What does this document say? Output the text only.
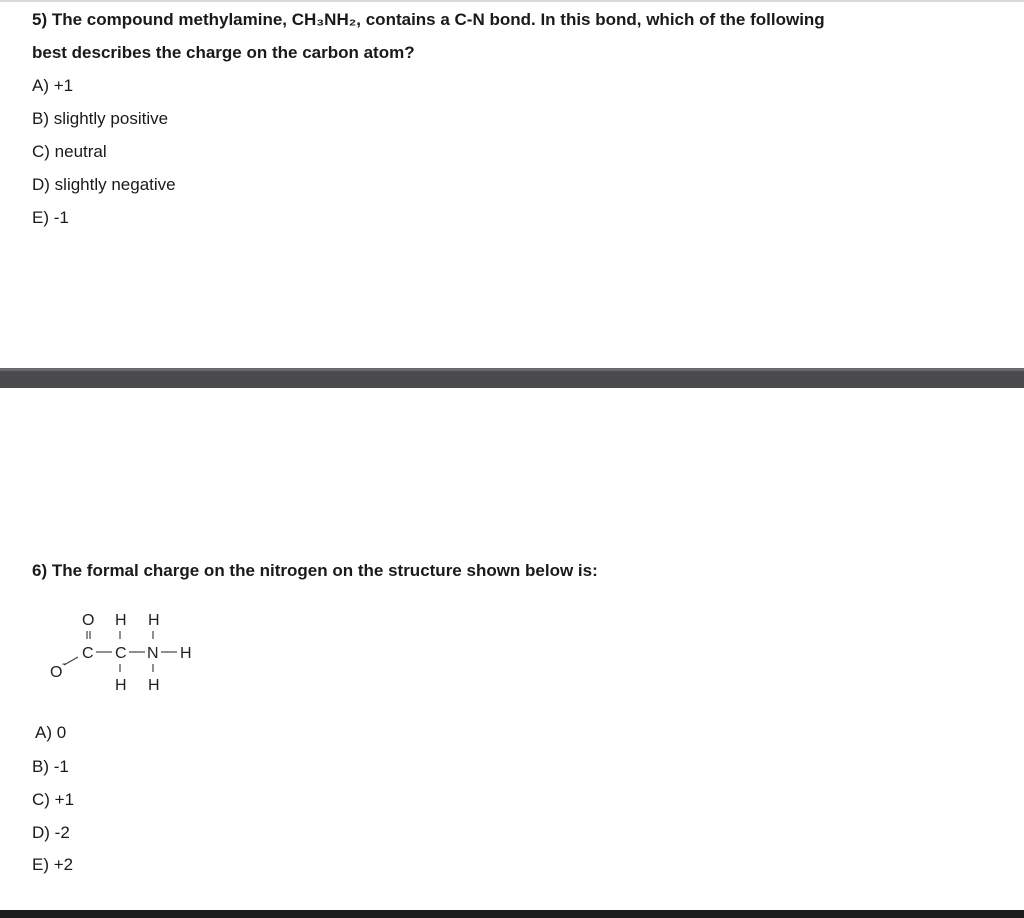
5) The compound methylamine, CH₃NH₂, contains a C-N bond. In this bond, which of the following
best describes the charge on the carbon atom?
A) +1
B) slightly positive
C) neutral
D) slightly negative
E) -1
6) The formal charge on the nitrogen on the structure shown below is:
O H H
C C N H
O
-
H H
A) 0
B) -1
C) +1
D) -2
E) +2
